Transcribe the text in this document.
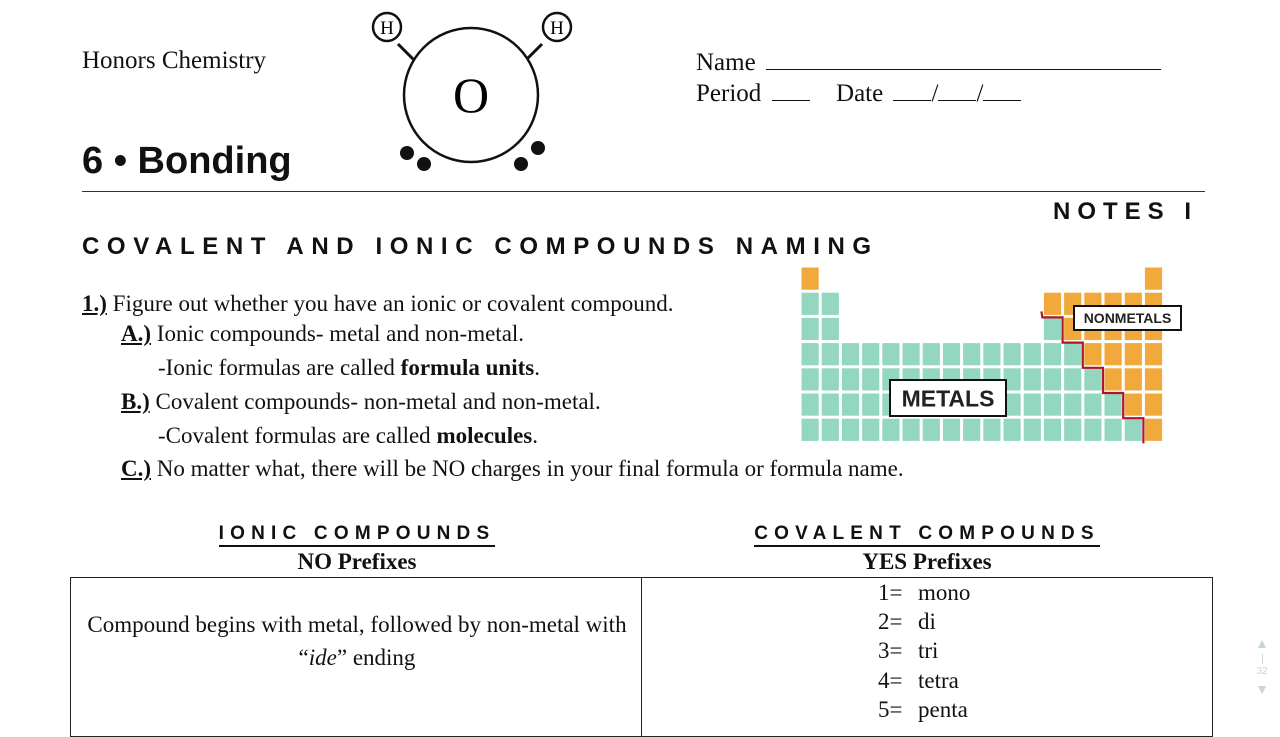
Honors Chemistry	Name
Period	Date / /
H	H
O
6 • Bonding
NOTES I
COVALENT AND IONIC COMPOUNDS NAMING
1.) Figure out whether you have an ionic or covalent compound.
A.) Ionic compounds- metal and non-metal.
-Ionic formulas are called formula units.
B.) Covalent compounds- non-metal and non-metal.
-Covalent formulas are called molecules.
C.) No matter what, there will be NO charges in your final formula or formula name.
METALS
NONMETALS
IONIC COMPOUNDS
NO Prefixes
COVALENT COMPOUNDS
YES Prefixes
Compound begins with metal, followed by non-metal with “ide” ending
1= mono
2= di
3= tri
4= tetra
5= penta
▲
32
▼
